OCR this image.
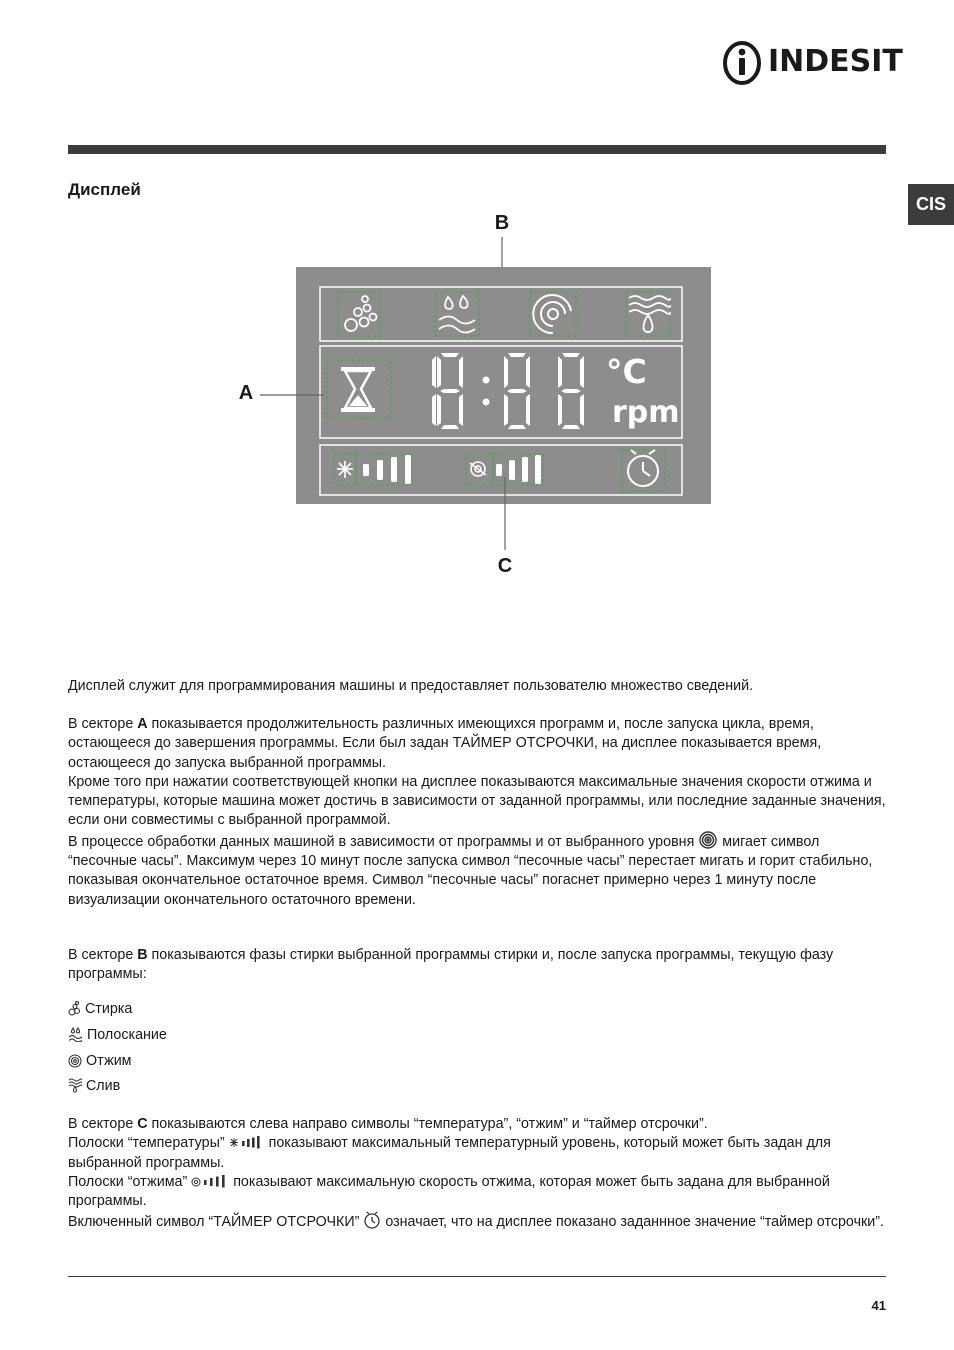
INDESIT
Дисплей
CIS
B
A
°C
rpm
C

Дисплей служит для программирования машины и предоставляет пользователю множество сведений.

В секторе A показывается продолжительность различных имеющихся программ и, после запуска цикла, время, остающееся до завершения программы. Если был задан ТАЙМЕР ОТСРОЧКИ, на дисплее показывается время, остающееся до запуска выбранной программы.

Кроме того при нажатии соответствующей кнопки на дисплее показываются максимальные значения скорости отжима и температуры, которые машина может достичь в зависимости от заданной программы, или последние заданные значения, если они совместимы с выбранной программой.

В процессе обработки данных машиной в зависимости от программы и от выбранного уровня  мигает символ “песочные часы”. Максимум через 10 минут после запуска символ “песочные часы” перестает мигать и горит стабильно, показывая окончательное остаточное время. Символ “песочные часы” погаснет примерно через 1 минуту после визуализации окончательного остаточного времени.

В секторе B показываются фазы стирки выбранной программы стирки и, после запуска программы, текущую фазу программы:

Стирка
Полоскание
Отжим
Слив

В секторе C показываются слева направо символы “температура”, “отжим” и “таймер отсрочки”.

Полоски “температуры”	показывают максимальный температурный уровень, который может быть задан для выбранной программы.

Полоски “отжима”	показывают максимальную скорость отжима, которая может быть задана для выбранной программы.

Включенный символ “ТАЙМЕР ОТСРОЧКИ”  означает, что на дисплее показано заданнное значение “таймер отсрочки”.

41
